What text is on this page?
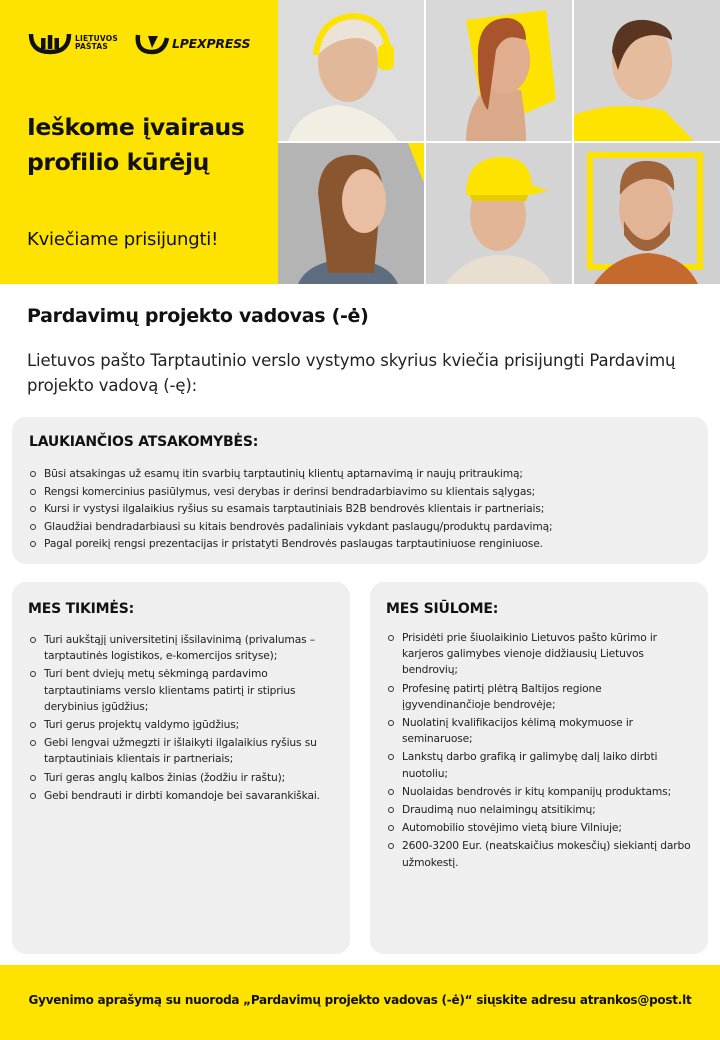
LIETUVOS
PAŠTAS	LPEXPRESS
Ieškome įvairaus profilio kūrėjų
Kviečiame prisijungti!
Pardavimų projekto vadovas (-ė)

Lietuvos pašto Tarptautinio verslo vystymo skyrius kviečia prisijungti Pardavimų projekto vadovą (-ę):

LAUKIANČIOS ATSAKOMYBĖS:
Būsi atsakingas už esamų itin svarbių tarptautinių klientų aptarnavimą ir naujų pritraukimą;
Rengsi komercinius pasiūlymus, vesi derybas ir derinsi bendradarbiavimo su klientais sąlygas;
Kursi ir vystysi ilgalaikius ryšius su esamais tarptautiniais B2B bendrovės klientais ir partneriais;
Glaudžiai bendradarbiausi su kitais bendrovės padaliniais vykdant paslaugų/produktų pardavimą;
Pagal poreikį rengsi prezentacijas ir pristatyti Bendrovės paslaugas tarptautiniuose renginiuose.
MES TIKIMĖS:
Turi aukštąjį universitetinį išsilavinimą (privalumas – tarptautinės logistikos, e-komercijos srityse);
Turi bent dviejų metų sėkmingą pardavimo tarptautiniams verslo klientams patirtį ir stiprius derybinius įgūdžius;
Turi gerus projektų valdymo įgūdžius;
Gebi lengvai užmegzti ir išlaikyti ilgalaikius ryšius su tarptautiniais klientais ir partneriais;
Turi geras anglų kalbos žinias (žodžiu ir raštu);
Gebi bendrauti ir dirbti komandoje bei savarankiškai.
MES SIŪLOME:
Prisidėti prie šiuolaikinio Lietuvos pašto kūrimo ir karjeros galimybes vienoje didžiausių Lietuvos bendrovių;
Profesinę patirtį plėtrą Baltijos regione įgyvendinančioje bendrovėje;
Nuolatinį kvalifikacijos kėlimą mokymuose ir seminaruose;
Lankstų darbo grafiką ir galimybę dalį laiko dirbti nuotoliu;
Nuolaidas bendrovės ir kitų kompanijų produktams;
Draudimą nuo nelaimingų atsitikimų;
Automobilio stovėjimo vietą biure Vilniuje;
2600-3200 Eur. (neatskaičius mokesčių) siekiantį darbo užmokestį.
Gyvenimo aprašymą su nuoroda „Pardavimų projekto vadovas (-ė)“ siųskite adresu atrankos@post.lt
